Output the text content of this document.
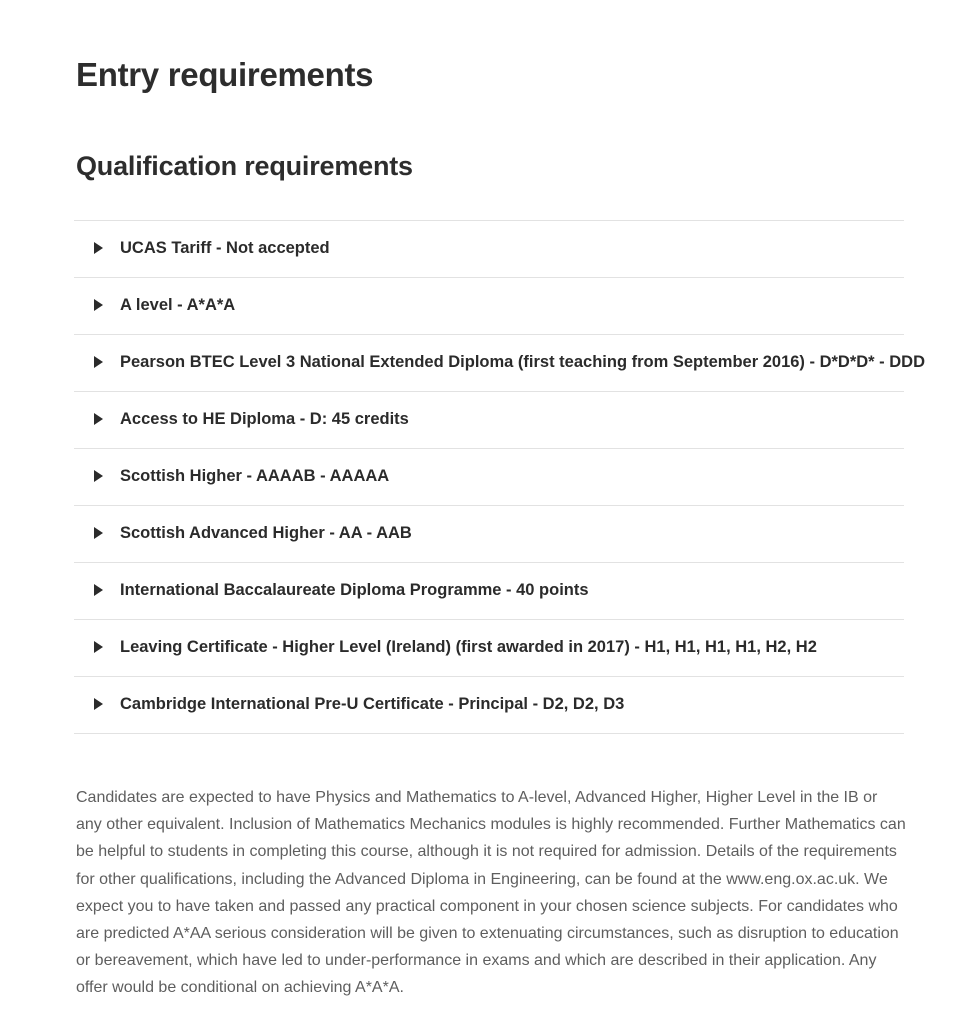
Entry requirements
Qualification requirements
UCAS Tariff - Not accepted
A level - A*A*A
Pearson BTEC Level 3 National Extended Diploma (first teaching from September 2016) - D*D*D* - DDD
Access to HE Diploma - D: 45 credits
Scottish Higher - AAAAB - AAAAA
Scottish Advanced Higher - AA - AAB
International Baccalaureate Diploma Programme - 40 points
Leaving Certificate - Higher Level (Ireland) (first awarded in 2017) - H1, H1, H1, H1, H2, H2
Cambridge International Pre-U Certificate - Principal - D2, D2, D3

Candidates are expected to have Physics and Mathematics to A-level, Advanced Higher, Higher Level in the IB or any other equivalent. Inclusion of Mathematics Mechanics modules is highly recommended. Further Mathematics can be helpful to students in completing this course, although it is not required for admission. Details of the requirements for other qualifications, including the Advanced Diploma in Engineering, can be found at the www.eng.ox.ac.uk. We expect you to have taken and passed any practical component in your chosen science subjects. For candidates who are predicted A*AA serious consideration will be given to extenuating circumstances, such as disruption to education or bereavement, which have led to under-performance in exams and which are described in their application. Any offer would be conditional on achieving A*A*A.
